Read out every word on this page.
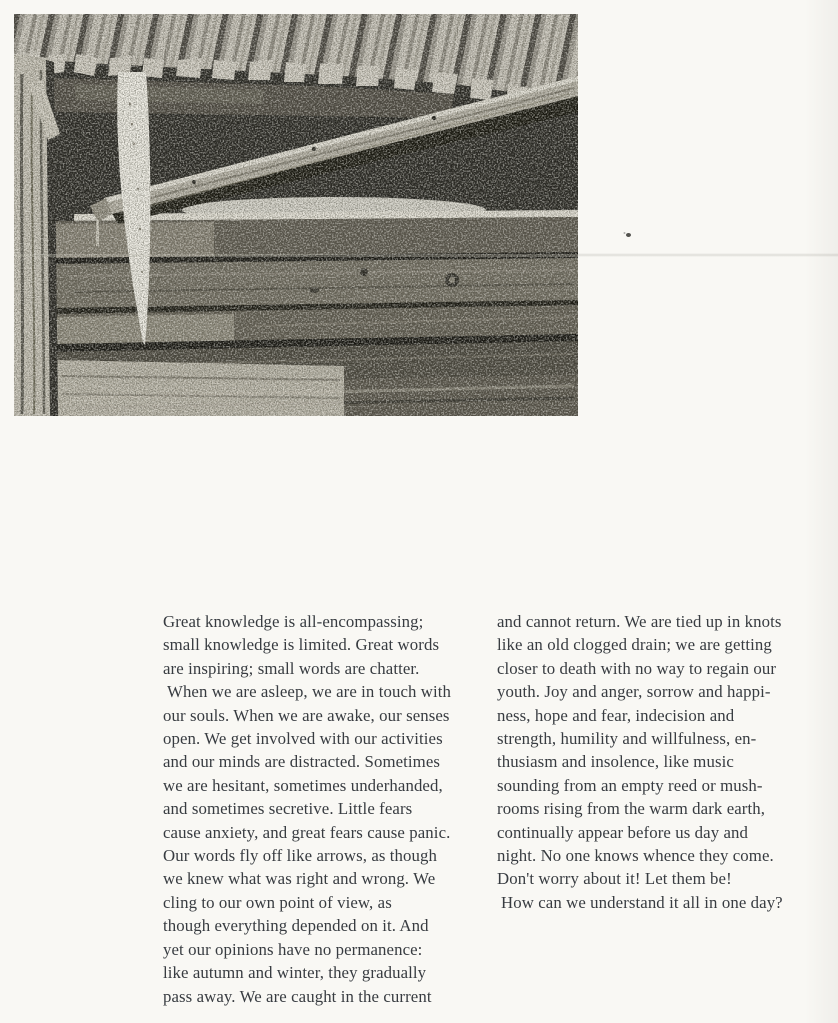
Great knowledge is all-encompassing;
small knowledge is limited. Great words
are inspiring; small words are chatter.
When we are asleep, we are in touch with
our souls. When we are awake, our senses
open. We get involved with our activities
and our minds are distracted. Sometimes
we are hesitant, sometimes underhanded,
and sometimes secretive. Little fears
cause anxiety, and great fears cause panic.
Our words fly off like arrows, as though
we knew what was right and wrong. We
cling to our own point of view, as
though everything depended on it. And
yet our opinions have no permanence:
like autumn and winter, they gradually
pass away. We are caught in the current
and cannot return. We are tied up in knots
like an old clogged drain; we are getting
closer to death with no way to regain our
youth. Joy and anger, sorrow and happi-
ness, hope and fear, indecision and
strength, humility and willfulness, en-
thusiasm and insolence, like music
sounding from an empty reed or mush-
rooms rising from the warm dark earth,
continually appear before us day and
night. No one knows whence they come.
Don't worry about it! Let them be!
How can we understand it all in one day?
